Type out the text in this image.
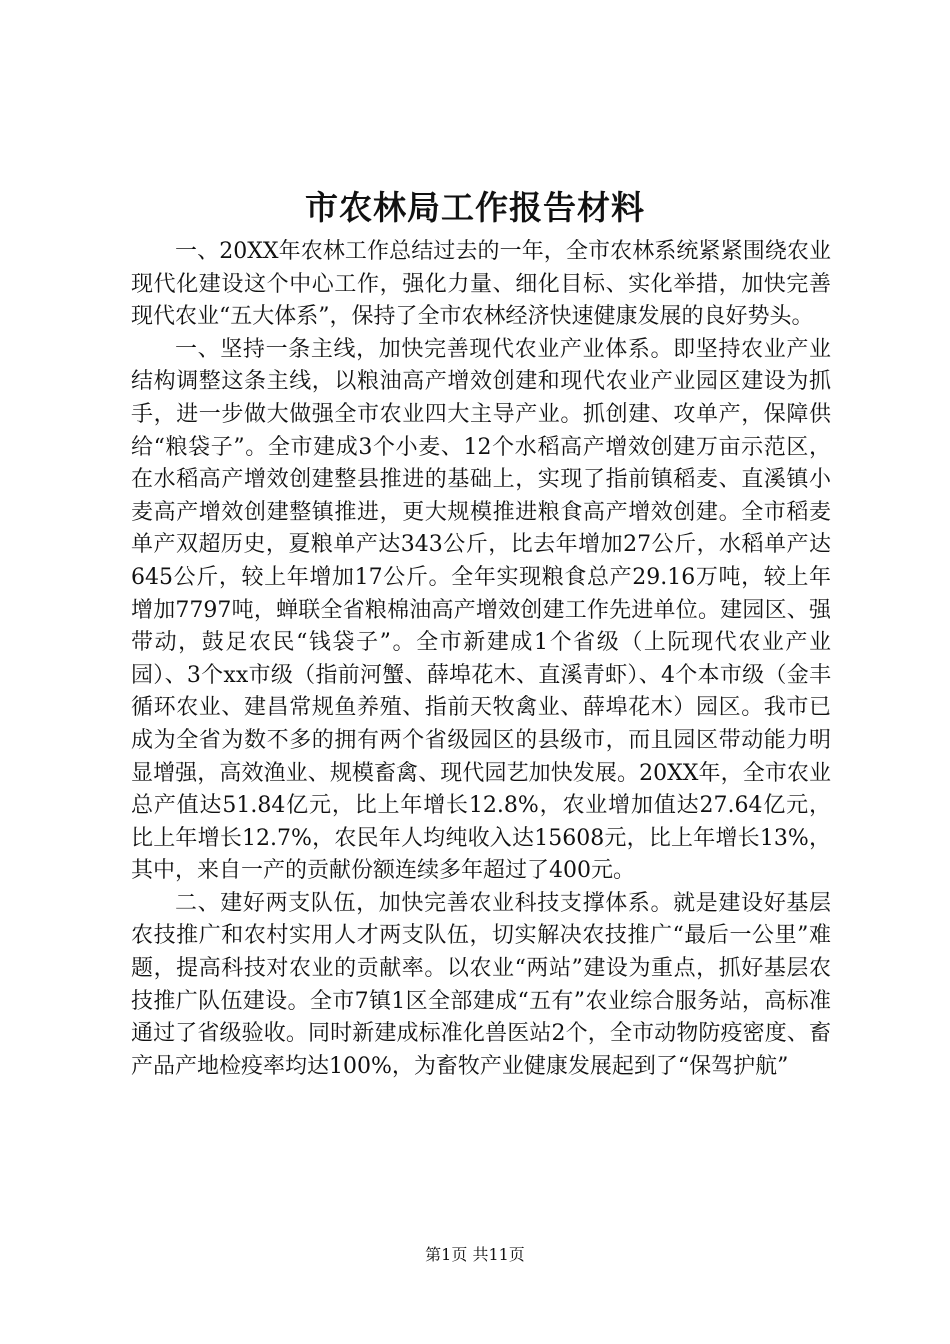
市农林局工作报告材料

一、20XX年农林工作总结过去的一年，全市农林系统紧紧围绕农业现代化建设这个中心工作，强化力量、细化目标、实化举措，加快完善现代农业“五大体系”，保持了全市农林经济快速健康发展的良好势头。

一、坚持一条主线，加快完善现代农业产业体系。即坚持农业产业结构调整这条主线，以粮油高产增效创建和现代农业产业园区建设为抓手，进一步做大做强全市农业四大主导产业。抓创建、攻单产，保障供给“粮袋子”。全市建成3个小麦、12个水稻高产增效创建万亩示范区，在水稻高产增效创建整县推进的基础上，实现了指前镇稻麦、直溪镇小麦高产增效创建整镇推进，更大规模推进粮食高产增效创建。全市稻麦单产双超历史，夏粮单产达343公斤，比去年增加27公斤，水稻单产达645公斤，较上年增加17公斤。全年实现粮食总产29.16万吨，较上年增加7797吨，蝉联全省粮棉油高产增效创建工作先进单位。建园区、强带动，鼓足农民“钱袋子”。全市新建成1个省级（上阮现代农业产业园）、3个xx市级（指前河蟹、薛埠花木、直溪青虾）、4个本市级（金丰循环农业、建昌常规鱼养殖、指前天牧禽业、薛埠花木）园区。我市已成为全省为数不多的拥有两个省级园区的县级市，而且园区带动能力明显增强，高效渔业、规模畜禽、现代园艺加快发展。20XX年，全市农业总产值达51.84亿元，比上年增长12.8%，农业增加值达27.64亿元，比上年增长12.7%，农民年人均纯收入达15608元，比上年增长13%，其中，来自一产的贡献份额连续多年超过了400元。

二、建好两支队伍，加快完善农业科技支撑体系。就是建设好基层农技推广和农村实用人才两支队伍，切实解决农技推广“最后一公里”难题，提高科技对农业的贡献率。以农业“两站”建设为重点，抓好基层农技推广队伍建设。全市7镇1区全部建成“五有”农业综合服务站，高标准通过了省级验收。同时新建成标准化兽医站2个，全市动物防疫密度、畜产品产地检疫率均达100%，为畜牧产业健康发展起到了“保驾护航”

第1页 共11页
